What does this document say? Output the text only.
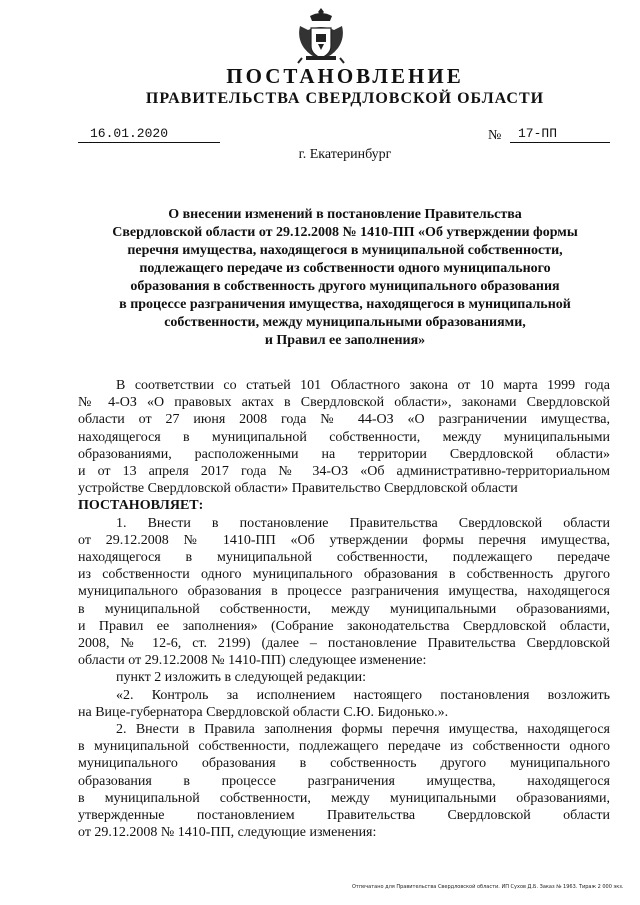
ПОСТАНОВЛЕНИЕ
ПРАВИТЕЛЬСТВА СВЕРДЛОВСКОЙ ОБЛАСТИ
16.01.2020	№	17-ПП
г. Екатеринбург
О внесении изменений в постановление Правительства
Свердловской области от 29.12.2008 № 1410-ПП «Об утверждении формы
перечня имущества, находящегося в муниципальной собственности,
подлежащего передаче из собственности одного муниципального
образования в собственность другого муниципального образования
в процессе разграничения имущества, находящегося в муниципальной
собственности, между муниципальными образованиями,
и Правил ее заполнения»
В соответствии со статьей 101 Областного закона от 10 марта 1999 года
№ 4-ОЗ «О правовых актах в Свердловской области», законами Свердловской
области от 27 июня 2008 года № 44-ОЗ «О разграничении имущества,
находящегося в муниципальной собственности, между муниципальными
образованиями, расположенными на территории Свердловской области»
и от 13 апреля 2017 года № 34-ОЗ «Об административно-территориальном
устройстве Свердловской области» Правительство Свердловской области

ПОСТАНОВЛЯЕТ:

1. Внести в постановление Правительства Свердловской области
от 29.12.2008 № 1410-ПП «Об утверждении формы перечня имущества,
находящегося в муниципальной собственности, подлежащего передаче
из собственности одного муниципального образования в собственность другого
муниципального образования в процессе разграничения имущества, находящегося
в муниципальной собственности, между муниципальными образованиями,
и Правил ее заполнения» (Собрание законодательства Свердловской области,
2008, № 12-6, ст. 2199) (далее – постановление Правительства Свердловской
области от 29.12.2008 № 1410-ПП) следующее изменение:
пункт 2 изложить в следующей редакции:
«2. Контроль за исполнением настоящего постановления возложить
на Вице-губернатора Свердловской области С.Ю. Бидонько.».
2. Внести в Правила заполнения формы перечня имущества, находящегося
в муниципальной собственности, подлежащего передаче из собственности одного
муниципального образования в собственность другого муниципального
образования в процессе разграничения имущества, находящегося
в муниципальной собственности, между муниципальными образованиями,
утвержденные постановлением Правительства Свердловской области
от 29.12.2008 № 1410-ПП, следующие изменения:
Отпечатано для Правительства Свердловской области. ИП Сухов Д.Б. Заказ № 1963. Тираж 2 000 экз.
